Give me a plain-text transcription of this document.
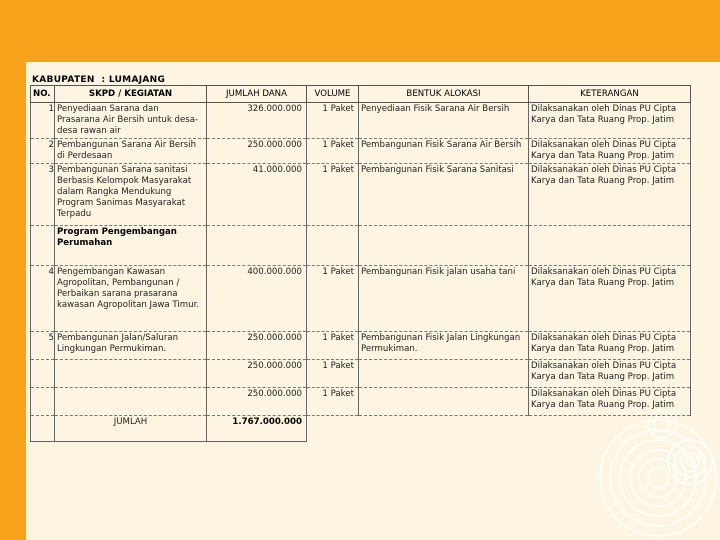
KABUPATEN  : LUMAJANG
NO.	SKPD / KEGIATAN	JUMLAH DANA	VOLUME	BENTUK ALOKASI	KETERANGAN
1	Penyediaan Sarana dan Prasarana Air Bersih untuk desa-desa rawan air	326.000.000	1 Paket	Penyediaan Fisik Sarana Air Bersih	Dilaksanakan oleh Dinas PU Cipta Karya dan Tata Ruang Prop. Jatim
2	Pembangunan Sarana Air Bersih di Perdesaan	250.000.000	1 Paket	Pembangunan Fisik Sarana Air Bersih	Dilaksanakan oleh Dinas PU Cipta Karya dan Tata Ruang Prop. Jatim
3	Pembangunan Sarana sanitasi Berbasis Kelompok Masyarakat dalam Rangka Mendukung Program Sanimas Masyarakat Terpadu	41.000.000	1 Paket	Pembangunan Fisik Sarana Sanitasi	Dilaksanakan oleh Dinas PU Cipta Karya dan Tata Ruang Prop. Jatim
	Program Pengembangan Perumahan				
4	Pengembangan Kawasan Agropolitan, Pembangunan / Perbaikan sarana prasarana kawasan Agropolitan Jawa Timur.	400.000.000	1 Paket	Pembangunan Fisik jalan usaha tani	Dilaksanakan oleh Dinas PU Cipta Karya dan Tata Ruang Prop. Jatim
5	Pembangunan Jalan/Saluran Lingkungan Permukiman.	250.000.000	1 Paket	Pembangunan Fisik Jalan Lingkungan Permukiman.	Dilaksanakan oleh Dinas PU Cipta Karya dan Tata Ruang Prop. Jatim
		250.000.000	1 Paket		Dilaksanakan oleh Dinas PU Cipta Karya dan Tata Ruang Prop. Jatim
		250.000.000	1 Paket		Dilaksanakan oleh Dinas PU Cipta Karya dan Tata Ruang Prop. Jatim
	JUMLAH	1.767.000.000			
